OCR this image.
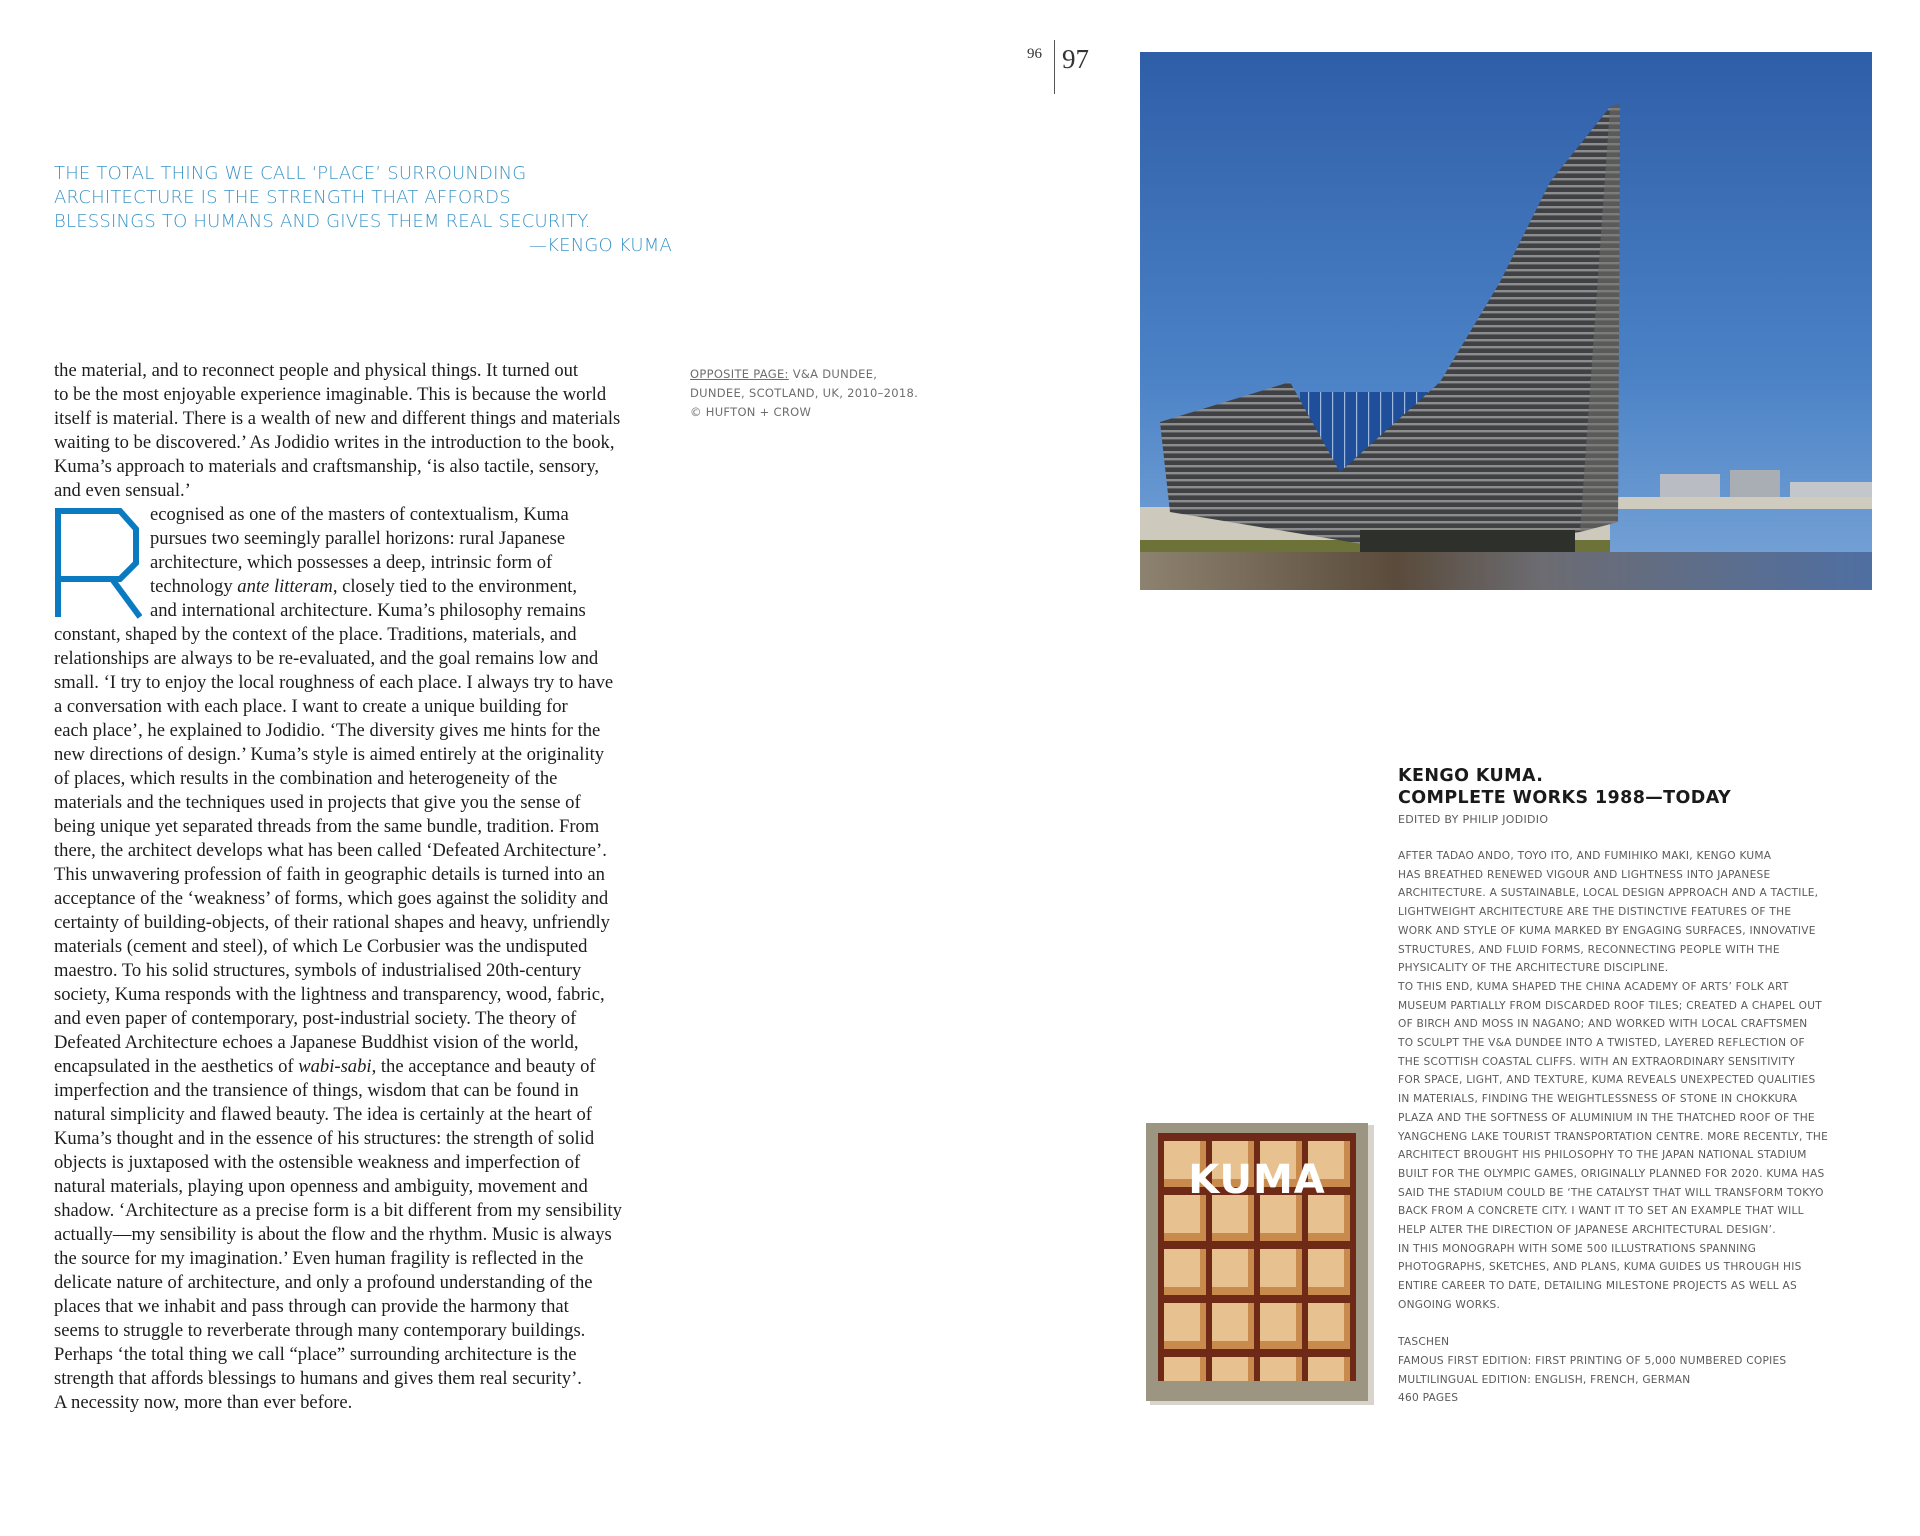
96 97
THE TOTAL THING WE CALL ‘PLACE’ SURROUNDING
ARCHITECTURE IS THE STRENGTH THAT AFFORDS
BLESSINGS TO HUMANS AND GIVES THEM REAL SECURITY.
—KENGO KUMA
the material, and to reconnect people and physical things. It turned out
to be the most enjoyable experience imaginable. This is because the world
itself is material. There is a wealth of new and different things and materials
waiting to be discovered.’ As Jodidio writes in the introduction to the book,
Kuma’s approach to materials and craftsmanship, ‘is also tactile, sensory,
and even sensual.’
ecognised as one of the masters of contextualism, Kuma
pursues two seemingly parallel horizons: rural Japanese
architecture, which possesses a deep, intrinsic form of
technology ante litteram, closely tied to the environment,
and international architecture. Kuma’s philosophy remains
constant, shaped by the context of the place. Traditions, materials, and
relationships are always to be re-evaluated, and the goal remains low and
small. ‘I try to enjoy the local roughness of each place. I always try to have
a conversation with each place. I want to create a unique building for
each place’, he explained to Jodidio. ‘The diversity gives me hints for the
new directions of design.’ Kuma’s style is aimed entirely at the originality
of places, which results in the combination and heterogeneity of the
materials and the techniques used in projects that give you the sense of
being unique yet separated threads from the same bundle, tradition. From
there, the architect develops what has been called ‘Defeated Architecture’.
This unwavering profession of faith in geographic details is turned into an
acceptance of the ‘weakness’ of forms, which goes against the solidity and
certainty of building-objects, of their rational shapes and heavy, unfriendly
materials (cement and steel), of which Le Corbusier was the undisputed
maestro. To his solid structures, symbols of industrialised 20th-century
society, Kuma responds with the lightness and transparency, wood, fabric,
and even paper of contemporary, post-industrial society. The theory of
Defeated Architecture echoes a Japanese Buddhist vision of the world,
encapsulated in the aesthetics of wabi-sabi, the acceptance and beauty of
imperfection and the transience of things, wisdom that can be found in
natural simplicity and flawed beauty. The idea is certainly at the heart of
Kuma’s thought and in the essence of his structures: the strength of solid
objects is juxtaposed with the ostensible weakness and imperfection of
natural materials, playing upon openness and ambiguity, movement and
shadow. ‘Architecture as a precise form is a bit different from my sensibility
actually—my sensibility is about the flow and the rhythm. Music is always
the source for my imagination.’ Even human fragility is reflected in the
delicate nature of architecture, and only a profound understanding of the
places that we inhabit and pass through can provide the harmony that
seems to struggle to reverberate through many contemporary buildings.
Perhaps ‘the total thing we call “place” surrounding architecture is the
strength that affords blessings to humans and gives them real security’.
A necessity now, more than ever before.
OPPOSITE PAGE: V&A DUNDEE,
DUNDEE, SCOTLAND, UK, 2010–2018.
© HUFTON + CROW
KUMA
KENGO KUMA.
COMPLETE WORKS 1988—TODAY
EDITED BY PHILIP JODIDIO
AFTER TADAO ANDO, TOYO ITO, AND FUMIHIKO MAKI, KENGO KUMA
HAS BREATHED RENEWED VIGOUR AND LIGHTNESS INTO JAPANESE
ARCHITECTURE. A SUSTAINABLE, LOCAL DESIGN APPROACH AND A TACTILE,
LIGHTWEIGHT ARCHITECTURE ARE THE DISTINCTIVE FEATURES OF THE
WORK AND STYLE OF KUMA MARKED BY ENGAGING SURFACES, INNOVATIVE
STRUCTURES, AND FLUID FORMS, RECONNECTING PEOPLE WITH THE
PHYSICALITY OF THE ARCHITECTURE DISCIPLINE.
TO THIS END, KUMA SHAPED THE CHINA ACADEMY OF ARTS’ FOLK ART
MUSEUM PARTIALLY FROM DISCARDED ROOF TILES; CREATED A CHAPEL OUT
OF BIRCH AND MOSS IN NAGANO; AND WORKED WITH LOCAL CRAFTSMEN
TO SCULPT THE V&A DUNDEE INTO A TWISTED, LAYERED REFLECTION OF
THE SCOTTISH COASTAL CLIFFS. WITH AN EXTRAORDINARY SENSITIVITY
FOR SPACE, LIGHT, AND TEXTURE, KUMA REVEALS UNEXPECTED QUALITIES
IN MATERIALS, FINDING THE WEIGHTLESSNESS OF STONE IN CHOKKURA
PLAZA AND THE SOFTNESS OF ALUMINIUM IN THE THATCHED ROOF OF THE
YANGCHENG LAKE TOURIST TRANSPORTATION CENTRE. MORE RECENTLY, THE
ARCHITECT BROUGHT HIS PHILOSOPHY TO THE JAPAN NATIONAL STADIUM
BUILT FOR THE OLYMPIC GAMES, ORIGINALLY PLANNED FOR 2020. KUMA HAS
SAID THE STADIUM COULD BE ‘THE CATALYST THAT WILL TRANSFORM TOKYO
BACK FROM A CONCRETE CITY. I WANT IT TO SET AN EXAMPLE THAT WILL
HELP ALTER THE DIRECTION OF JAPANESE ARCHITECTURAL DESIGN’.
IN THIS MONOGRAPH WITH SOME 500 ILLUSTRATIONS SPANNING
PHOTOGRAPHS, SKETCHES, AND PLANS, KUMA GUIDES US THROUGH HIS
ENTIRE CAREER TO DATE, DETAILING MILESTONE PROJECTS AS WELL AS
ONGOING WORKS.
TASCHEN
FAMOUS FIRST EDITION: FIRST PRINTING OF 5,000 NUMBERED COPIES
MULTILINGUAL EDITION: ENGLISH, FRENCH, GERMAN
460 PAGES
